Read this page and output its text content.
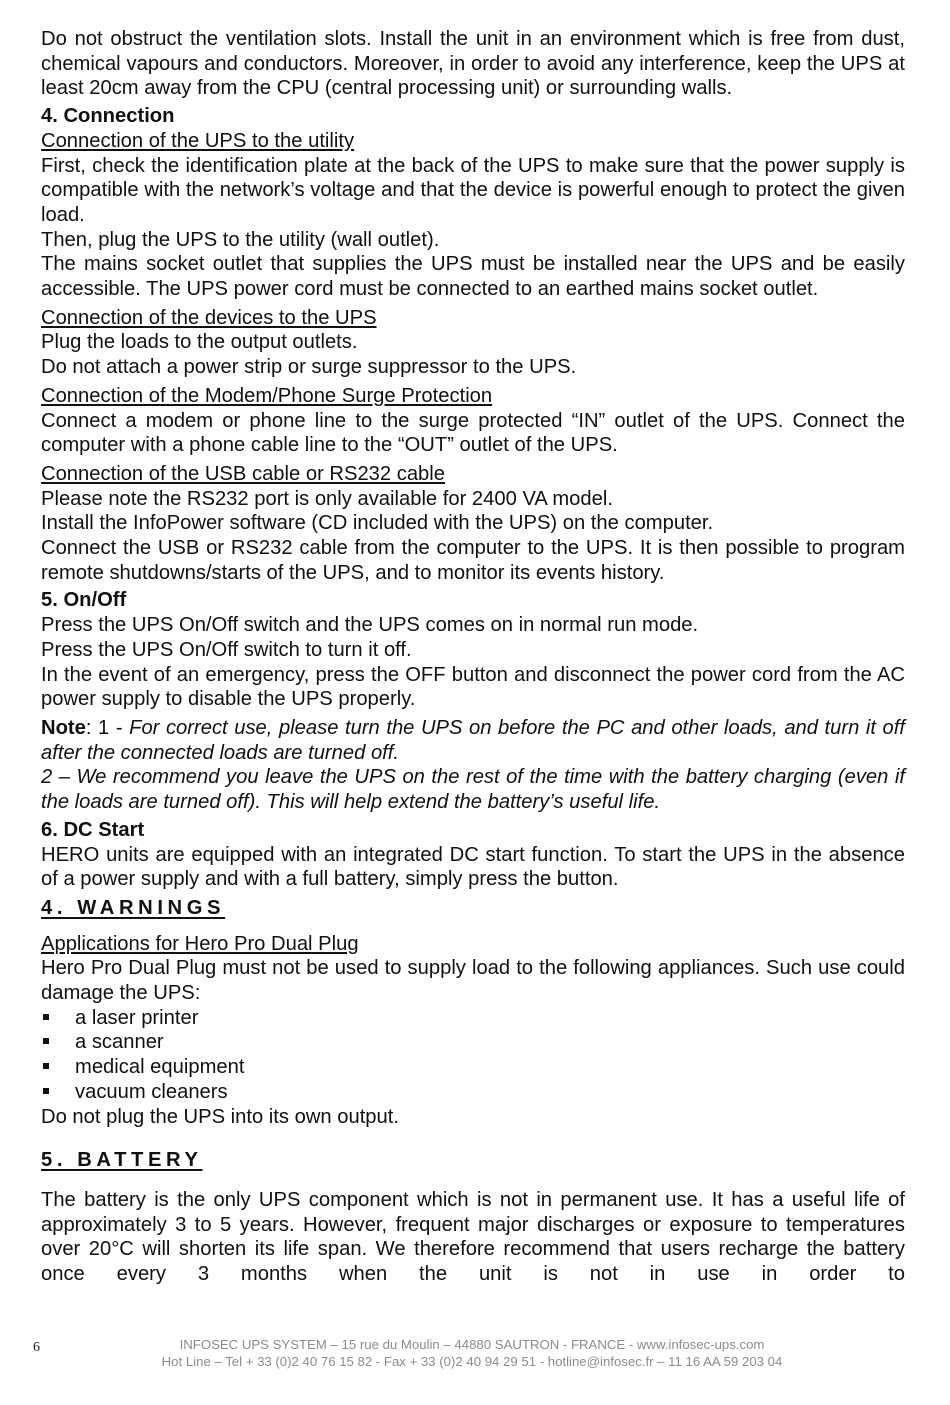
Do not obstruct the ventilation slots. Install the unit in an environment which is free from dust, chemical vapours and conductors. Moreover, in order to avoid any interference, keep the UPS at least 20cm away from the CPU (central processing unit) or surrounding walls.

4. Connection

Connection of the UPS to the utility

First, check the identification plate at the back of the UPS to make sure that the power supply is compatible with the network’s voltage and that the device is powerful enough to protect the given load.

Then, plug the UPS to the utility (wall outlet).

The mains socket outlet that supplies the UPS must be installed near the UPS and be easily accessible. The UPS power cord must be connected to an earthed mains socket outlet.

Connection of the devices to the UPS

Plug the loads to the output outlets.

Do not attach a power strip or surge suppressor to the UPS.

Connection of the Modem/Phone Surge Protection

Connect a modem or phone line to the surge protected “IN” outlet of the UPS. Connect the computer with a phone cable line to the “OUT” outlet of the UPS.

Connection of the USB cable or RS232 cable

Please note the RS232 port is only available for 2400 VA model.

Install the InfoPower software (CD included with the UPS) on the computer.

Connect the USB or RS232 cable from the computer to the UPS. It is then possible to program remote shutdowns/starts of the UPS, and to monitor its events history.

5. On/Off

Press the UPS On/Off switch and the UPS comes on in normal run mode.

Press the UPS On/Off switch to turn it off.

In the event of an emergency, press the OFF button and disconnect the power cord from the AC power supply to disable the UPS properly.

Note: 1 - For correct use, please turn the UPS on before the PC and other loads, and turn it off after the connected loads are turned off.

2 – We recommend you leave the UPS on the rest of the time with the battery charging (even if the loads are turned off). This will help extend the battery’s useful life.

6. DC Start

HERO units are equipped with an integrated DC start function. To start the UPS in the absence of a power supply and with a full battery, simply press the button.

4. WARNINGS

Applications for Hero Pro Dual Plug

Hero Pro Dual Plug must not be used to supply load to the following appliances. Such use could damage the UPS:

a laser printer
a scanner
medical equipment
vacuum cleaners

Do not plug the UPS into its own output.

5. BATTERY

The battery is the only UPS component which is not in permanent use. It has a useful life of approximately 3 to 5 years. However, frequent major discharges or exposure to temperatures over 20°C will shorten its life span. We therefore recommend that users recharge the battery once every 3 months when the unit is not in use in order to

6	INFOSEC UPS SYSTEM – 15 rue du Moulin – 44880 SAUTRON - FRANCE - www.infosec-ups.com
Hot Line – Tel + 33 (0)2 40 76 15 82 - Fax + 33 (0)2 40 94 29 51 - hotline@infosec.fr – 11 16 AA 59 203 04
